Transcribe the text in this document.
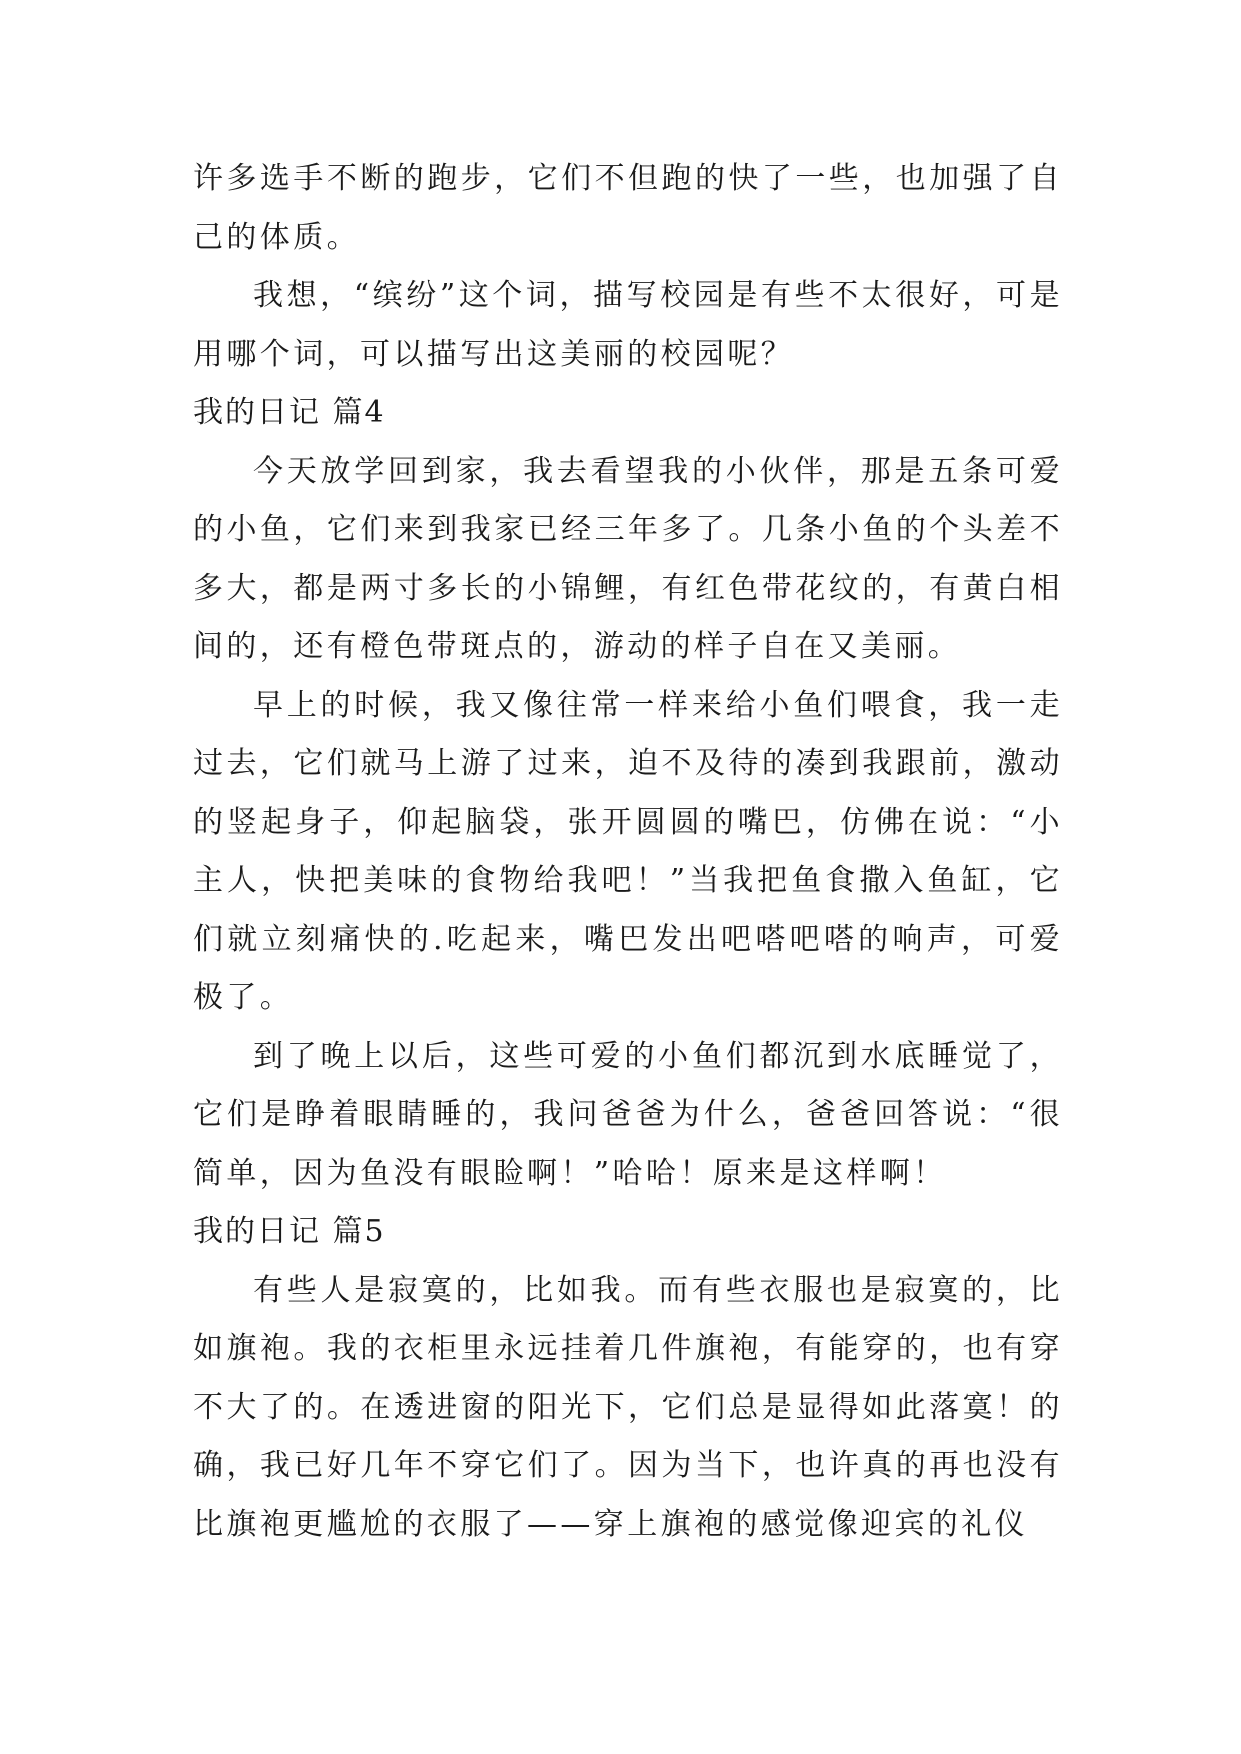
许多选手不断的跑步，它们不但跑的快了一些，也加强了自己的体质。

我想，“缤纷”这个词，描写校园是有些不太很好，可是用哪个词，可以描写出这美丽的校园呢？

我的日记 篇4

今天放学回到家，我去看望我的小伙伴，那是五条可爱的小鱼，它们来到我家已经三年多了。几条小鱼的个头差不多大，都是两寸多长的小锦鲤，有红色带花纹的，有黄白相间的，还有橙色带斑点的，游动的样子自在又美丽。

早上的时候，我又像往常一样来给小鱼们喂食，我一走过去，它们就马上游了过来，迫不及待的凑到我跟前，激动的竖起身子，仰起脑袋，张开圆圆的嘴巴，仿佛在说：“小主人，快把美味的食物给我吧！”当我把鱼食撒入鱼缸，它们就立刻痛快的.吃起来，嘴巴发出吧嗒吧嗒的响声，可爱极了。

到了晚上以后，这些可爱的小鱼们都沉到水底睡觉了，它们是睁着眼睛睡的，我问爸爸为什么，爸爸回答说：“很简单，因为鱼没有眼睑啊！”哈哈！原来是这样啊！

我的日记 篇5

有些人是寂寞的，比如我。而有些衣服也是寂寞的，比如旗袍。我的衣柜里永远挂着几件旗袍，有能穿的，也有穿不大了的。在透进窗的阳光下，它们总是显得如此落寞！的确，我已好几年不穿它们了。因为当下，也许真的再也没有比旗袍更尴尬的衣服了——穿上旗袍的感觉像迎宾的礼仪
